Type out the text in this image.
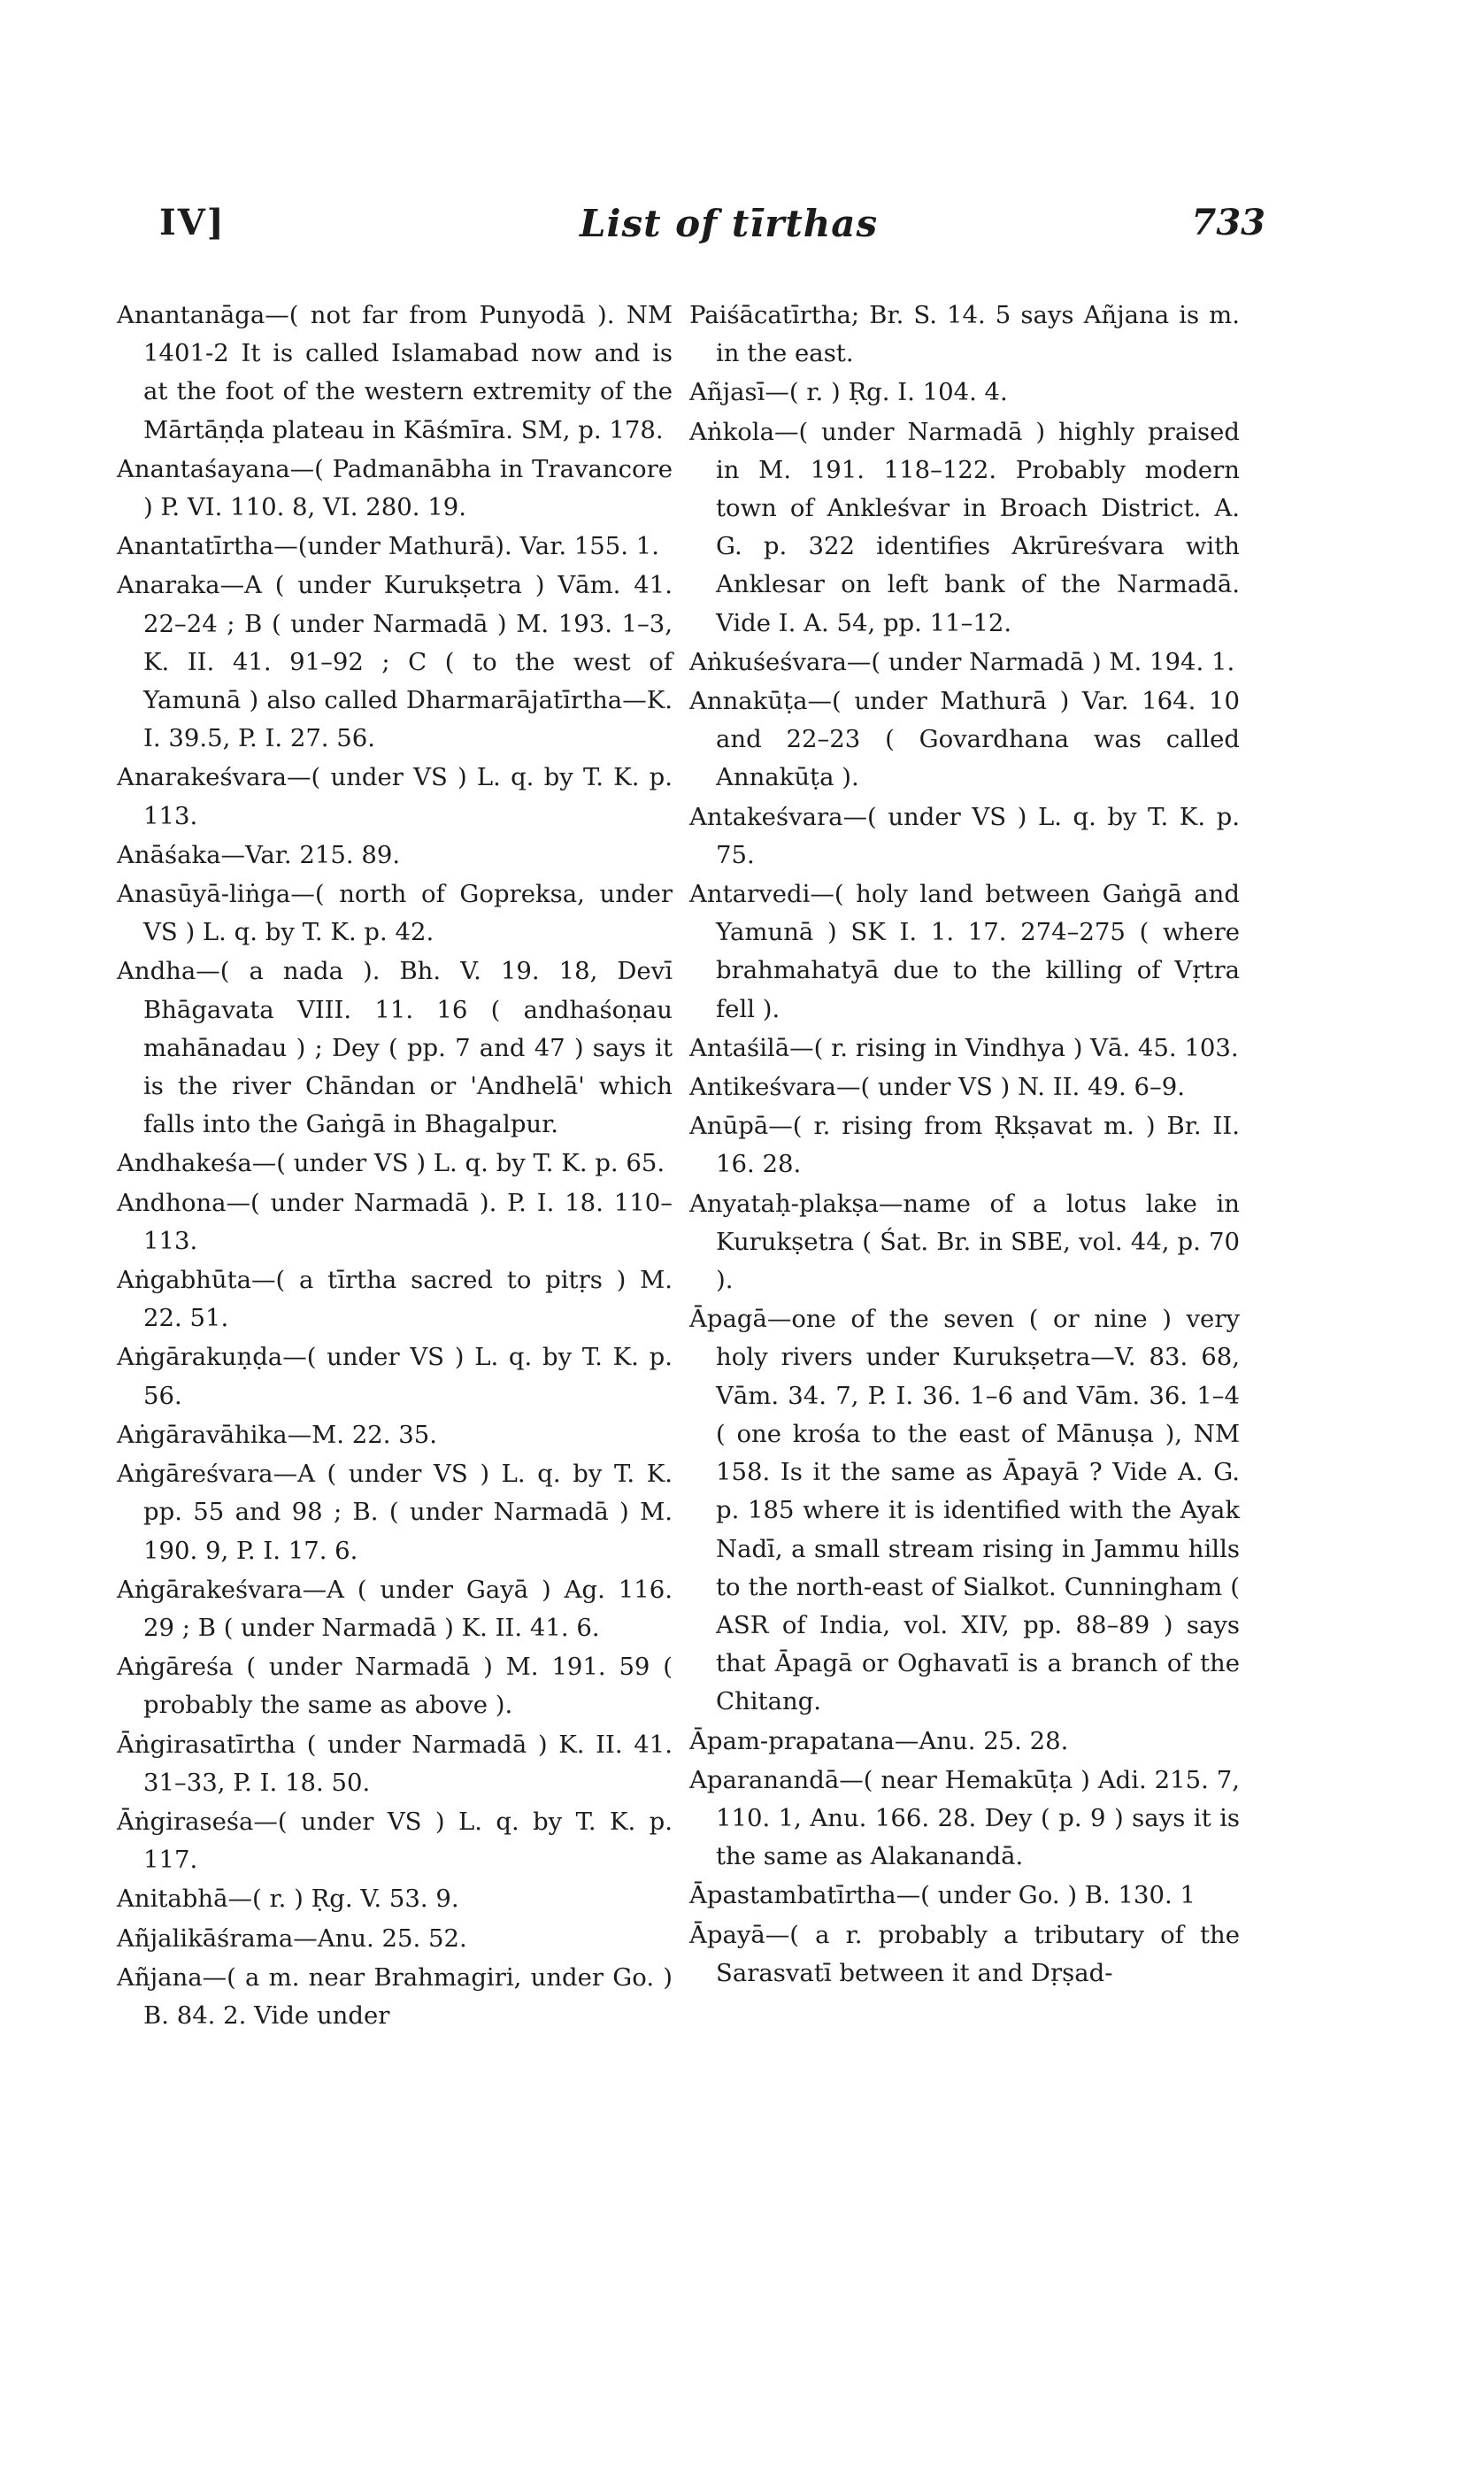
IV]	List of tīrthas	733

Anantanāga—( not far from Punyodā ). NM 1401-2 It is called Islamabad now and is at the foot of the western extremity of the Mārtāṇḍa plateau in Kāśmīra. SM, p. 178.

Anantaśayana—( Padmanābha in Travancore ) P. VI. 110. 8, VI. 280. 19.

Anantatīrtha—(under Mathurā). Var. 155. 1.

Anaraka—A ( under Kurukṣetra ) Vām. 41. 22–24 ; B ( under Narmadā ) M. 193. 1–3, K. II. 41. 91–92 ; C ( to the west of Yamunā ) also called Dharmarājatīrtha—K. I. 39.5, P. I. 27. 56.

Anarakeśvara—( under VS ) L. q. by T. K. p. 113.

Anāśaka—Var. 215. 89.

Anasūyā-liṅga—( north of Gopreksa, under VS ) L. q. by T. K. p. 42.

Andha—( a nada ). Bh. V. 19. 18, Devī Bhāgavata VIII. 11. 16 ( andhaśoṇau mahānadau ) ; Dey ( pp. 7 and 47 ) says it is the river Chāndan or 'Andhelā' which falls into the Gaṅgā in Bhagalpur.

Andhakeśa—( under VS ) L. q. by T. K. p. 65.

Andhona—( under Narmadā ). P. I. 18. 110–113.

Aṅgabhūta—( a tīrtha sacred to pitṛs ) M. 22. 51.

Aṅgārakuṇḍa—( under VS ) L. q. by T. K. p. 56.

Aṅgāravāhika—M. 22. 35.

Aṅgāreśvara—A ( under VS ) L. q. by T. K. pp. 55 and 98 ; B. ( under Narmadā ) M. 190. 9, P. I. 17. 6.

Aṅgārakeśvara—A ( under Gayā ) Ag. 116. 29 ; B ( under Narmadā ) K. II. 41. 6.

Aṅgāreśa ( under Narmadā ) M. 191. 59 ( probably the same as above ).

Āṅgirasatīrtha ( under Narmadā ) K. II. 41. 31–33, P. I. 18. 50.

Āṅgiraseśa—( under VS ) L. q. by T. K. p. 117.

Anitabhā—( r. ) Ṛg. V. 53. 9.

Añjalikāśrama—Anu. 25. 52.

Añjana—( a m. near Brahmagiri, under Go. ) B. 84. 2. Vide under

Paiśācatīrtha; Br. S. 14. 5 says Añjana is m. in the east.

Añjasī—( r. ) Ṛg. I. 104. 4.

Aṅkola—( under Narmadā ) highly praised in M. 191. 118–122. Probably modern town of Ankleśvar in Broach District. A. G. p. 322 identifies Akrūreśvara with Anklesar on left bank of the Narmadā. Vide I. A. 54, pp. 11–12.

Aṅkuśeśvara—( under Narmadā ) M. 194. 1.

Annakūṭa—( under Mathurā ) Var. 164. 10 and 22–23 ( Govardhana was called Annakūṭa ).

Antakeśvara—( under VS ) L. q. by T. K. p. 75.

Antarvedi—( holy land between Gaṅgā and Yamunā ) SK I. 1. 17. 274–275 ( where brahmahatyā due to the killing of Vṛtra fell ).

Antaśilā—( r. rising in Vindhya ) Vā. 45. 103.

Antikeśvara—( under VS ) N. II. 49. 6–9.

Anūpā—( r. rising from Ṛkṣavat m. ) Br. II. 16. 28.

Anyataḥ-plakṣa—name of a lotus lake in Kurukṣetra ( Śat. Br. in SBE, vol. 44, p. 70 ).

Āpagā—one of the seven ( or nine ) very holy rivers under Kurukṣetra—V. 83. 68, Vām. 34. 7, P. I. 36. 1–6 and Vām. 36. 1–4 ( one krośa to the east of Mānuṣa ), NM 158. Is it the same as Āpayā ? Vide A. G. p. 185 where it is identified with the Ayak Nadī, a small stream rising in Jammu hills to the north-east of Sialkot. Cunningham ( ASR of India, vol. XIV, pp. 88–89 ) says that Āpagā or Oghavatī is a branch of the Chitang.

Āpam-prapatana—Anu. 25. 28.

Aparanandā—( near Hemakūṭa ) Adi. 215. 7, 110. 1, Anu. 166. 28. Dey ( p. 9 ) says it is the same as Alakanandā.

Āpastambatīrtha—( under Go. ) B. 130. 1

Āpayā—( a r. probably a tributary of the Sarasvatī between it and Dṛṣad-
